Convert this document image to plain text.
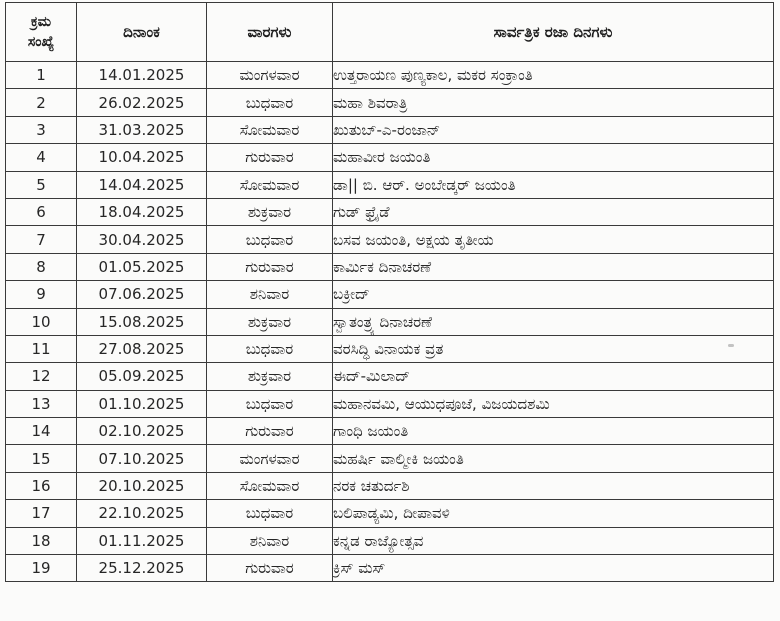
ಕ್ರಮ
ಸಂಖ್ಯೆ	ದಿನಾಂಕ	ವಾರಗಳು	ಸಾರ್ವತ್ರಿಕ ರಜಾ ದಿನಗಳು
1	14.01.2025	ಮಂಗಳವಾರ	ಉತ್ತರಾಯಣ ಪುಣ್ಯಕಾಲ, ಮಕರ ಸಂಕ್ರಾಂತಿ
2	26.02.2025	ಬುಧವಾರ	ಮಹಾ ಶಿವರಾತ್ರಿ
3	31.03.2025	ಸೋಮವಾರ	ಖುತುಬ್-ಎ-ರಂಜಾನ್
4	10.04.2025	ಗುರುವಾರ	ಮಹಾವೀರ ಜಯಂತಿ
5	14.04.2025	ಸೋಮವಾರ	ಡಾ|| ಬಿ. ಆರ್. ಅಂಬೇಡ್ಕರ್ ಜಯಂತಿ
6	18.04.2025	ಶುಕ್ರವಾರ	ಗುಡ್ ಫ್ರೈಡೆ
7	30.04.2025	ಬುಧವಾರ	ಬಸವ ಜಯಂತಿ, ಅಕ್ಷಯ ತೃತೀಯ
8	01.05.2025	ಗುರುವಾರ	ಕಾರ್ಮಿಕ ದಿನಾಚರಣೆ
9	07.06.2025	ಶನಿವಾರ	ಬಕ್ರೀದ್
10	15.08.2025	ಶುಕ್ರವಾರ	ಸ್ವಾತಂತ್ರ್ಯ ದಿನಾಚರಣೆ
11	27.08.2025	ಬುಧವಾರ	ವರಸಿದ್ಧಿ ವಿನಾಯಕ ವ್ರತ
12	05.09.2025	ಶುಕ್ರವಾರ	ಈದ್-ಮಿಲಾದ್
13	01.10.2025	ಬುಧವಾರ	ಮಹಾನವಮಿ, ಆಯುಧಪೂಜೆ, ವಿಜಯದಶಮಿ
14	02.10.2025	ಗುರುವಾರ	ಗಾಂಧಿ ಜಯಂತಿ
15	07.10.2025	ಮಂಗಳವಾರ	ಮಹರ್ಷಿ ವಾಲ್ಮೀಕಿ ಜಯಂತಿ
16	20.10.2025	ಸೋಮವಾರ	ನರಕ ಚತುರ್ದಶಿ
17	22.10.2025	ಬುಧವಾರ	ಬಲಿಪಾಡ್ಯಮಿ, ದೀಪಾವಳಿ
18	01.11.2025	ಶನಿವಾರ	ಕನ್ನಡ ರಾಜ್ಯೋತ್ಸವ
19	25.12.2025	ಗುರುವಾರ	ಕ್ರಿಸ್ ಮಸ್
